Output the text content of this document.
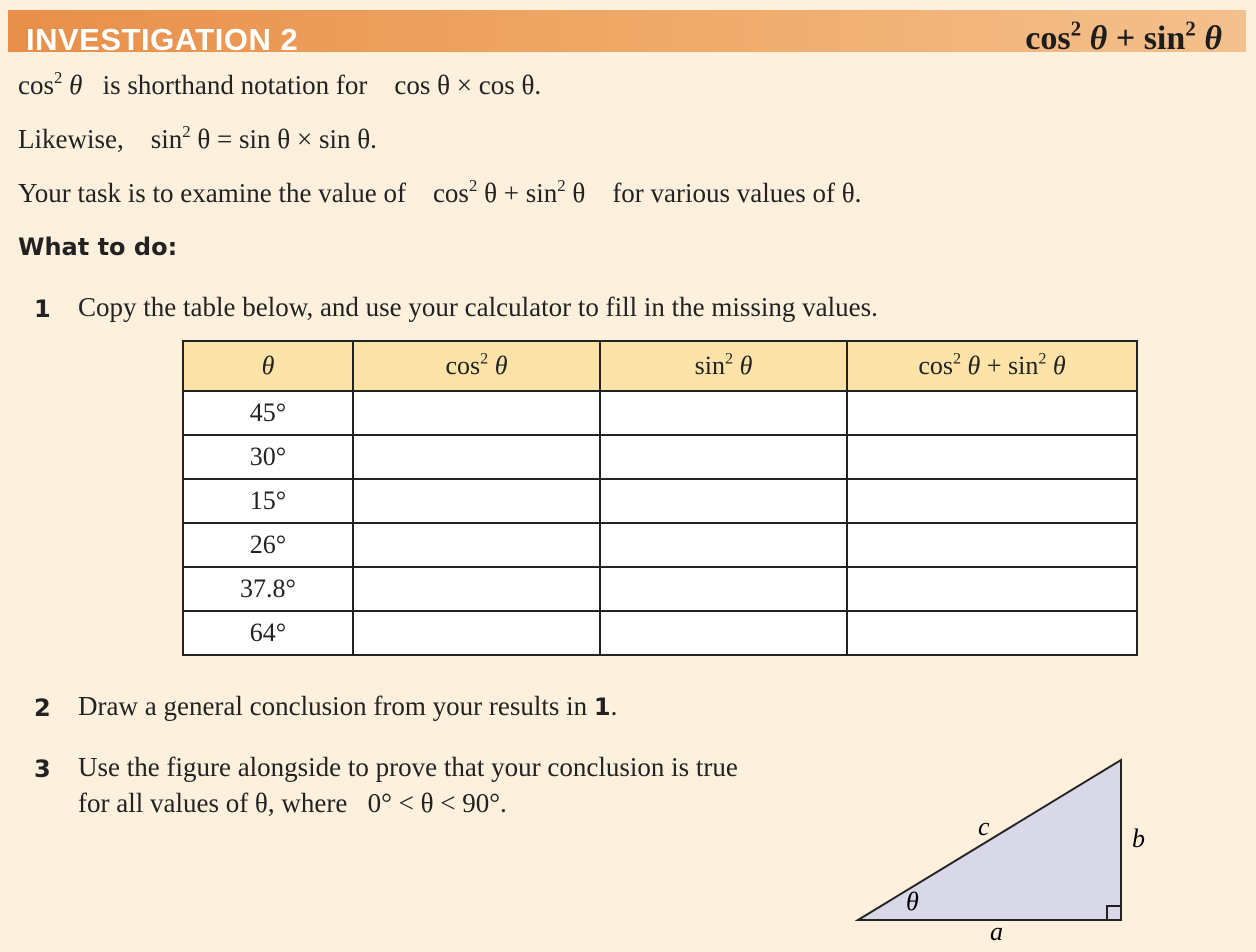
INVESTIGATION 2	$\cos^2 \theta + \sin^2 \theta$
$\cos^2 \theta$ is shorthand notation for cos θ × cos θ.
Likewise, $\sin^2 \theta = \sin \theta \times \sin \theta$.
Your task is to examine the value of $\cos^2 \theta + \sin^2 \theta$ for various values of θ.
What to do:
1 Copy the table below, and use your calculator to fill in the missing values.
θ	$\cos^2 \theta$	$\sin^2 \theta$	$\cos^2 \theta + \sin^2 \theta$
45°			
30°			
15°			
26°			
37.8°			
64°			
2 Draw a general conclusion from your results in 1.
3 Use the figure alongside to prove that your conclusion is true
for all values of θ, where 0° < θ < 90°.
c	b
a
θ
